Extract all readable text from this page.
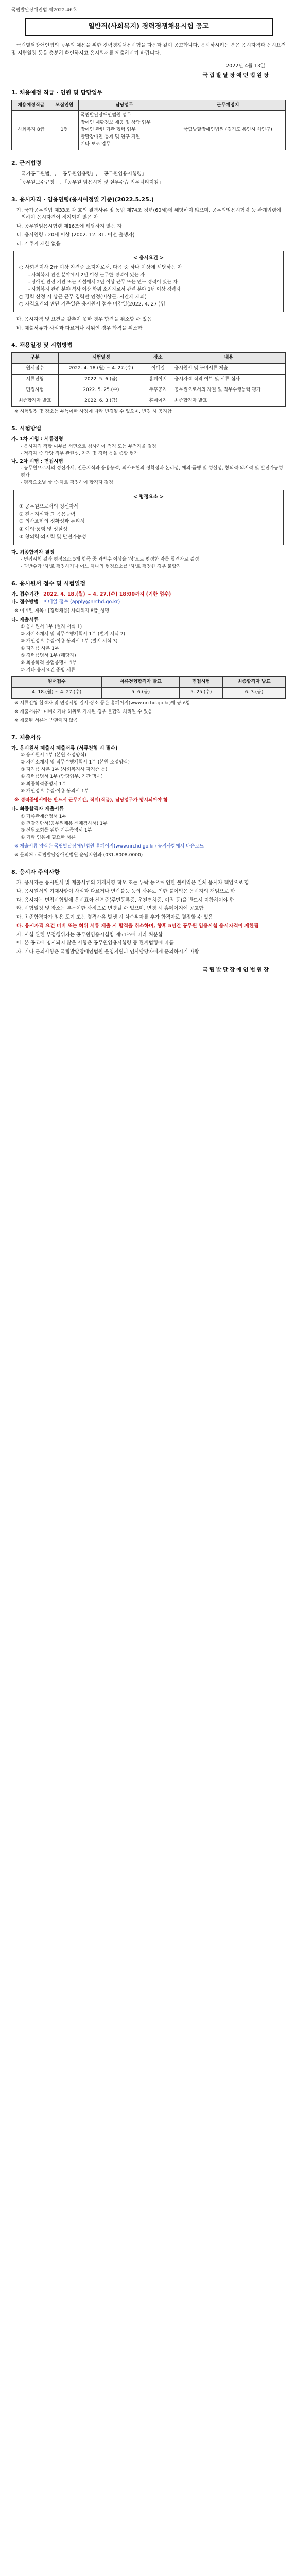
국립발달장애인법 제2022-46호
일반직(사회복지) 경력경쟁채용시험 공고

국립발달장애인법의 공무원 채용을 위한 경력경쟁채용시험을 다음과 같이 공고합니다. 응시하시려는 분은 응시자격과 응시요건 및 시험일정 등을 충분히 확인하시고 응시원서를 제출하시기 바랍니다.

2022년 4월 13일
국립발달장애인법원장
1. 채용예정 직급 · 인원 및 담당업무
채용예정직급	모집인원	담당업무	근무예정지
사회복지 8급	1명	국립발달장애인법원 업무
장애인 재활정보 제공 및 상담 업무
장애인 관련 기관 협력 업무
발달장애인 통계 및 연구 지원
기타 보조 업무	국립발달장애인법원 (경기도 용인시 처인구)
2. 근거법령
「국가공무원법」, 「공무원임용령」, 「공무원임용시험령」
「공무원보수규정」, 「공무원 임용시험 및 실무수습 업무처리지침」
3. 응시자격 · 임용연령(응시예정일 기준)(2022.5.25.)
가. 국가공무원법 제33조 각 호의 결격사유 및 동법 제74조 정년(60세)에 해당하지 않으며, 공무원임용시험령 등 관계법령에 의하여 응시자격이 정지되지 않은 자
나. 공무원임용시험령 제16조에 해당하지 않는 자
다. 응시연령 : 20세 이상 (2002. 12. 31. 이전 출생자)
라. 거주지 제한 없음
< 응시요건 >
○ 사회복지사 2급 이상 자격증 소지자로서, 다음 중 하나 이상에 해당하는 자
- 사회복지 관련 분야에서 2년 이상 근무한 경력이 있는 자
- 장애인 관련 기관 또는 시설에서 2년 이상 근무 또는 연구 경력이 있는 자
- 사회복지 관련 분야 석사 이상 학위 소지자로서 관련 분야 1년 이상 경력자
○ 경력 산정 시 상근 근무 경력만 인정(비상근, 시간제 제외)
○ 자격요건의 판단 기준일은 응시원서 접수 마감일(2022. 4. 27.)임
마. 응시자격 및 요건을 갖추지 못한 경우 합격을 취소할 수 있음
바. 제출서류가 사실과 다르거나 허위인 경우 합격을 취소함
4. 채용일정 및 시험방법
구분	시험일정	장소	내용
원서접수	2022. 4. 18.(월) ~ 4. 27.(수)	이메일	응시원서 및 구비서류 제출
서류전형	2022. 5. 6.(금)	홈페이지	응시자격 적격 여부 및 서류 심사
면접시험	2022. 5. 25.(수)	추후공지	공무원으로서의 자질 및 직무수행능력 평가
최종합격자 발표	2022. 6. 3.(금)	홈페이지	최종합격자 발표
※ 시험일정 및 장소는 부득이한 사정에 따라 변경될 수 있으며, 변경 시 공지함
5. 시험방법
가. 1차 시험 : 서류전형
- 응시자격 적합 여부를 서면으로 심사하여 적격 또는 부적격을 결정
- 적격자 중 담당 직무 관련성, 자격 및 경력 등을 종합 평가
나. 2차 시험 : 면접시험
- 공무원으로서의 정신자세, 전문지식과 응용능력, 의사표현의 정확성과 논리성, 예의·품행 및 성실성, 창의력·의지력 및 발전가능성 평가
- 평정요소별 상·중·하로 평정하여 합격자 결정
< 평정요소 >
① 공무원으로서의 정신자세
② 전문지식과 그 응용능력
③ 의사표현의 정확성과 논리성
④ 예의·품행 및 성실성
⑤ 창의력·의지력 및 발전가능성
다. 최종합격자 결정
- 면접시험 결과 평정요소 5개 항목 중 과반수 이상을 '상'으로 평정한 자를 합격자로 결정
- 과반수가 '하'로 평정하거나 어느 하나의 평정요소를 '하'로 평정한 경우 불합격
6. 응시원서 접수 및 시험일정
가. 접수기간 : 2022. 4. 18.(월) ~ 4. 27.(수) 18:00까지 (기한 엄수)
나. 접수방법 : 이메일 접수 (apply@nrchd.go.kr)
※ 이메일 제목 : [경력채용] 사회복지 8급_성명
다. 제출서류
① 응시원서 1부 (별지 서식 1)
② 자기소개서 및 직무수행계획서 1부 (별지 서식 2)
③ 개인정보 수집·이용 동의서 1부 (별지 서식 3)
④ 자격증 사본 1부
⑤ 경력증명서 1부 (해당자)
⑥ 최종학력 졸업증명서 1부
⑦ 기타 응시요건 증빙 서류
원서접수	서류전형합격자 발표	면접시험	최종합격자 발표
4. 18.(월) ~ 4. 27.(수)	5. 6.(금)	5. 25.(수)	6. 3.(금)
※ 서류전형 합격자 및 면접시험 일시·장소 등은 홈페이지(www.nrchd.go.kr)에 공고함
※ 제출서류가 미비하거나 허위로 기재된 경우 불합격 처리될 수 있음
※ 제출된 서류는 반환하지 않음
7. 제출서류
가. 응시원서 제출시 제출서류 (서류전형 시 필수)
① 응시원서 1부 (본원 소정양식)
② 자기소개서 및 직무수행계획서 1부 (본원 소정양식)
③ 자격증 사본 1부 (사회복지사 자격증 등)
④ 경력증명서 1부 (담당업무, 기간 명시)
⑤ 최종학력증명서 1부
⑥ 개인정보 수집·이용 동의서 1부
※ 경력증명서에는 반드시 근무기간, 직위(직급), 담당업무가 명시되어야 함
나. 최종합격자 제출서류
① 가족관계증명서 1부
② 건강진단서(공무원채용 신체검사서) 1부
③ 신원조회를 위한 기본증명서 1부
④ 기타 임용에 필요한 서류
※ 제출서류 양식은 국립발달장애인법원 홈페이지(www.nrchd.go.kr) 공지사항에서 다운로드
※ 문의처 : 국립발달장애인법원 운영지원과 (031-8008-0000)
8. 응시자 주의사항
가. 응시자는 응시원서 및 제출서류의 기재사항 착오 또는 누락 등으로 인한 불이익은 일체 응시자 책임으로 함
나. 응시원서의 기재사항이 사실과 다르거나 연락불능 등의 사유로 인한 불이익은 응시자의 책임으로 함
다. 응시자는 면접시험일에 응시표와 신분증(주민등록증, 운전면허증, 여권 등)을 반드시 지참하여야 함
라. 시험일정 및 장소는 부득이한 사정으로 변경될 수 있으며, 변경 시 홈페이지에 공고함
마. 최종합격자가 임용 포기 또는 결격사유 발생 시 차순위자를 추가 합격자로 결정할 수 있음
바. 응시자격 요건 미비 또는 허위 서류 제출 시 합격을 취소하며, 향후 5년간 공무원 임용시험 응시자격이 제한됨
사. 시험 관련 부정행위자는 공무원임용시험령 제51조에 따라 처분함
아. 본 공고에 명시되지 않은 사항은 공무원임용시험령 등 관계법령에 따름
자. 기타 문의사항은 국립발달장애인법원 운영지원과 인사담당자에게 문의하시기 바람
국립발달장애인법원장
